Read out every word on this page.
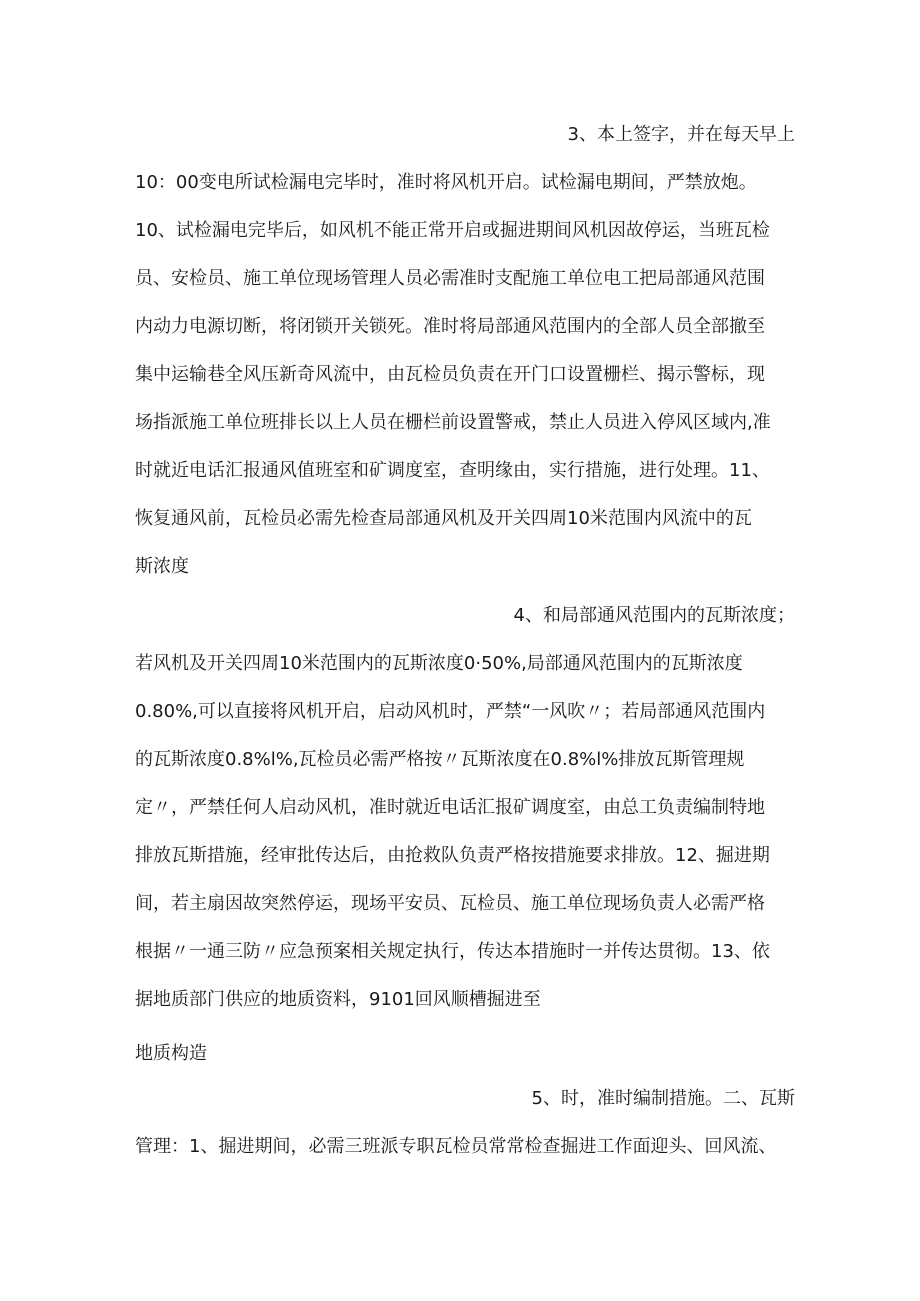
3、本上签字，并在每天早上
10：00变电所试检漏电完毕时，准时将风机开启。试检漏电期间，严禁放炮。
10、试检漏电完毕后，如风机不能正常开启或掘进期间风机因故停运，当班瓦检
员、安检员、施工单位现场管理人员必需准时支配施工单位电工把局部通风范围
内动力电源切断，将闭锁开关锁死。准时将局部通风范围内的全部人员全部撤至
集中运输巷全风压新奇风流中，由瓦检员负责在开门口设置栅栏、揭示警标，现
场指派施工单位班排长以上人员在栅栏前设置警戒，禁止人员进入停风区域内,准
时就近电话汇报通风值班室和矿调度室，查明缘由，实行措施，进行处理。11、
恢复通风前，瓦检员必需先检查局部通风机及开关四周10米范围内风流中的瓦
斯浓度
4、和局部通风范围内的瓦斯浓度；
若风机及开关四周10米范围内的瓦斯浓度0·50%,局部通风范围内的瓦斯浓度
0.80%,可以直接将风机开启，启动风机时，严禁“一风吹〃；若局部通风范围内
的瓦斯浓度0.8%l%,瓦检员必需严格按〃瓦斯浓度在0.8%l%排放瓦斯管理规
定〃，严禁任何人启动风机，准时就近电话汇报矿调度室，由总工负责编制特地
排放瓦斯措施，经审批传达后，由抢救队负责严格按措施要求排放。12、掘进期
间，若主扇因故突然停运，现场平安员、瓦检员、施工单位现场负责人必需严格
根据〃一通三防〃应急预案相关规定执行，传达本措施时一并传达贯彻。13、依
据地质部门供应的地质资料，9101回风顺槽掘进至
地质构造
5、时，准时编制措施。二、瓦斯
管理：1、掘进期间，必需三班派专职瓦检员常常检查掘进工作面迎头、回风流、
